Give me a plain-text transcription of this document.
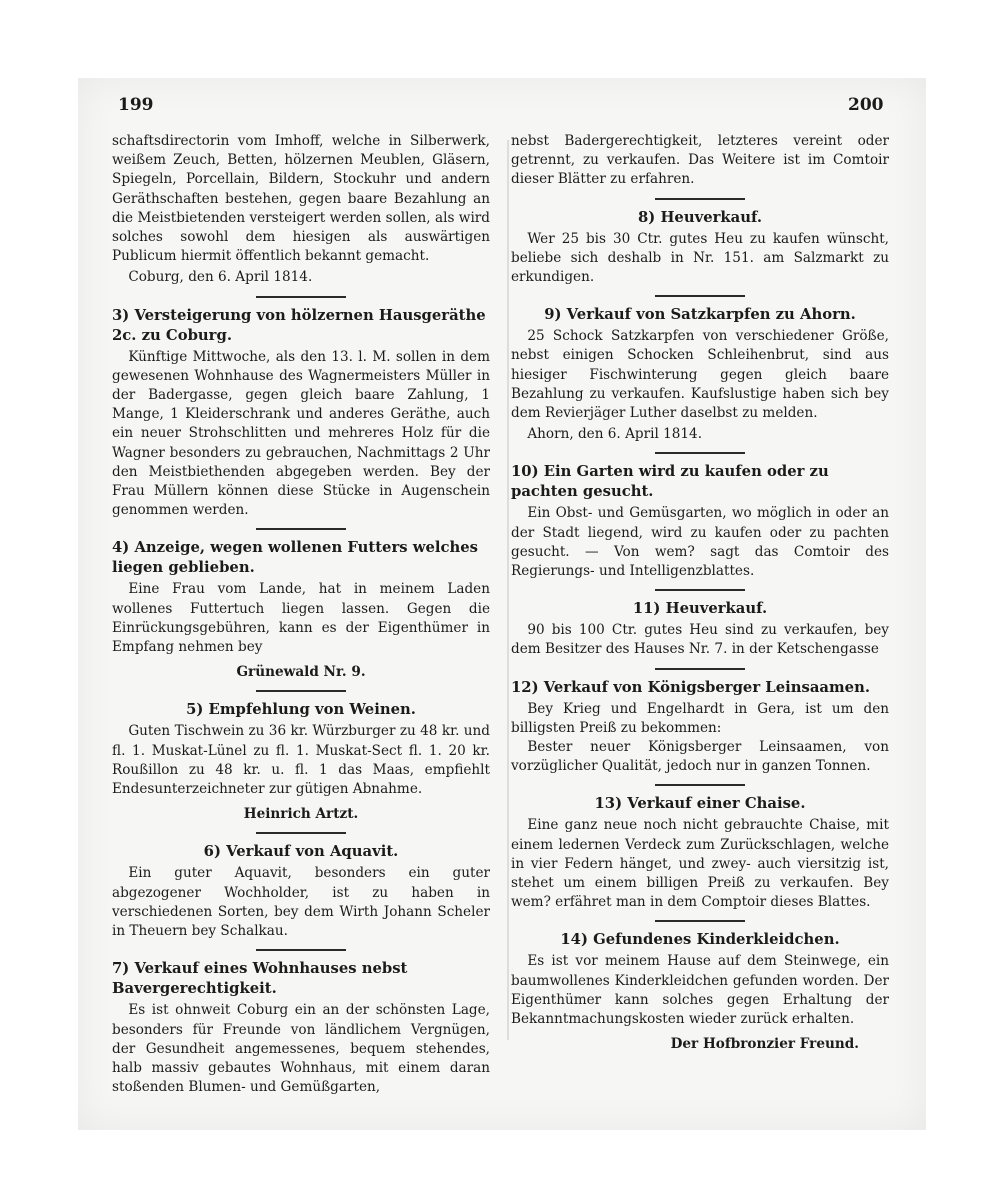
199	200

schaftsdirectorin vom Imhoff, welche in Silberwerk, weißem Zeuch, Betten, hölzernen Meublen, Gläsern, Spiegeln, Porcellain, Bildern, Stockuhr und andern Geräthschaften bestehen, gegen baare Bezahlung an die Meistbietenden versteigert werden sollen, als wird solches sowohl dem hiesigen als auswärtigen Publicum hiermit öffentlich bekannt gemacht.

Coburg, den 6. April 1814.
3) Versteigerung von hölzernen Hausgeräthe 2c. zu Coburg.

Künftige Mittwoche, als den 13. l. M. sollen in dem gewesenen Wohnhause des Wagnermeisters Müller in der Badergasse, gegen gleich baare Zahlung, 1 Mange, 1 Kleiderschrank und anderes Geräthe, auch ein neuer Strohschlitten und mehreres Holz für die Wagner besonders zu gebrauchen, Nachmittags 2 Uhr den Meistbiethenden abgegeben werden. Bey der Frau Müllern können diese Stücke in Augenschein genommen werden.

4) Anzeige, wegen wollenen Futters welches liegen geblieben.

Eine Frau vom Lande, hat in meinem Laden wollenes Futtertuch liegen lassen. Gegen die Einrückungsgebühren, kann es der Eigenthümer in Empfang nehmen bey

Grünewald Nr. 9.
5) Empfehlung von Weinen.

Guten Tischwein zu 36 kr. Würzburger zu 48 kr. und fl. 1. Muskat-Lünel zu fl. 1. Muskat-Sect fl. 1. 20 kr. Roußillon zu 48 kr. u. fl. 1 das Maas, empfiehlt Endesunterzeichneter zur gütigen Abnahme.

Heinrich Artzt.
6) Verkauf von Aquavit.

Ein guter Aquavit, besonders ein guter abgezogener Wochholder, ist zu haben in verschiedenen Sorten, bey dem Wirth Johann Scheler in Theuern bey Schalkau.

7) Verkauf eines Wohnhauses nebst Bavergerechtigkeit.

Es ist ohnweit Coburg ein an der schönsten Lage, besonders für Freunde von ländlichem Vergnügen, der Gesundheit angemessenes, bequem stehendes, halb massiv gebautes Wohnhaus, mit einem daran stoßenden Blumen- und Gemüßgarten,

nebst Badergerechtigkeit, letzteres vereint oder getrennt, zu verkaufen. Das Weitere ist im Comtoir dieser Blätter zu erfahren.

8) Heuverkauf.

Wer 25 bis 30 Ctr. gutes Heu zu kaufen wünscht, beliebe sich deshalb in Nr. 151. am Salzmarkt zu erkundigen.

9) Verkauf von Satzkarpfen zu Ahorn.

25 Schock Satzkarpfen von verschiedener Größe, nebst einigen Schocken Schleihenbrut, sind aus hiesiger Fischwinterung gegen gleich baare Bezahlung zu verkaufen. Kaufslustige haben sich bey dem Revierjäger Luther daselbst zu melden.

Ahorn, den 6. April 1814.
10) Ein Garten wird zu kaufen oder zu pachten gesucht.

Ein Obst- und Gemüsgarten, wo möglich in oder an der Stadt liegend, wird zu kaufen oder zu pachten gesucht. — Von wem? sagt das Comtoir des Regierungs- und Intelligenzblattes.

11) Heuverkauf.

90 bis 100 Ctr. gutes Heu sind zu verkaufen, bey dem Besitzer des Hauses Nr. 7. in der Ketschengasse

12) Verkauf von Königsberger Leinsaamen.

Bey Krieg und Engelhardt in Gera, ist um den billigsten Preiß zu bekommen:

Bester neuer Königsberger Leinsaamen, von vorzüglicher Qualität, jedoch nur in ganzen Tonnen.

13) Verkauf einer Chaise.

Eine ganz neue noch nicht gebrauchte Chaise, mit einem ledernen Verdeck zum Zurückschlagen, welche in vier Federn hänget, und zwey- auch viersitzig ist, stehet um einem billigen Preiß zu verkaufen. Bey wem? erfähret man in dem Comptoir dieses Blattes.

14) Gefundenes Kinderkleidchen.

Es ist vor meinem Hause auf dem Steinwege, ein baumwollenes Kinderkleidchen gefunden worden. Der Eigenthümer kann solches gegen Erhaltung der Bekanntmachungskosten wieder zurück erhalten.

Der Hofbronzier Freund.
